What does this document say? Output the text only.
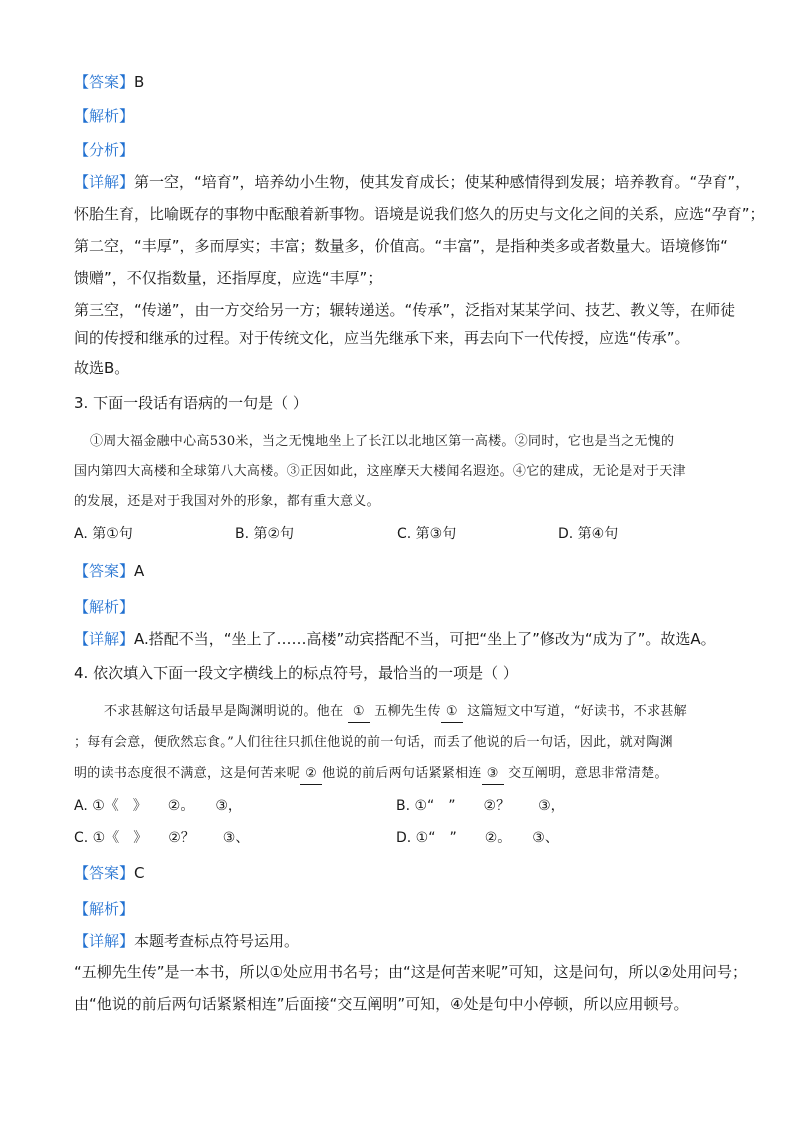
【答案】B
【解析】
【分析】
【详解】第一空，“培育”，培养幼小生物，使其发育成长；使某种感情得到发展；培养教育。“孕育”，
怀胎生育，比喻既存的事物中酝酿着新事物。语境是说我们悠久的历史与文化之间的关系，应选“孕育”；
第二空，“丰厚”，多而厚实；丰富；数量多，价值高。“丰富”，是指种类多或者数量大。语境修饰“
馈赠”，不仅指数量，还指厚度，应选“丰厚”；
第三空，“传递”，由一方交给另一方；辗转递送。“传承”，泛指对某某学问、技艺、教义等，在师徒
间的传授和继承的过程。对于传统文化，应当先继承下来，再去向下一代传授，应选“传承”。
故选B。
3. 下面一段话有语病的一句是（ ）
①周大福金融中心高530米，当之无愧地坐上了长江以北地区第一高楼。②同时，它也是当之无愧的
国内第四大高楼和全球第八大高楼。③正因如此，这座摩天大楼闻名遐迩。④它的建成，无论是对于天津
的发展，还是对于我国对外的形象，都有重大意义。
A. 第①句	B. 第②句	C. 第③句	D. 第④句
【答案】A
【解析】
【详解】A.搭配不当，“坐上了……高楼”动宾搭配不当，可把“坐上了”修改为“成为了”。故选A。
4. 依次填入下面一段文字横线上的标点符号，最恰当的一项是（ ）
不求甚解这句话最早是陶渊明说的。他在 ① 五柳先生传 ① 这篇短文中写道，“好读书，不求甚解
；每有会意，便欣然忘食。”人们往往只抓住他说的前一句话，而丢了他说的后一句话，因此，就对陶渊
明的读书态度很不满意，这是何苦来呢 ② 他说的前后两句话紧紧相连 ③ 交互阐明，意思非常清楚。
A. ①《　》　　②。　　③，	B. ①“　”　　②？　　③，
C. ①《　》　　②？　　③、	D. ①“　”　　②。　　③、
【答案】C
【解析】
【详解】本题考查标点符号运用。
“五柳先生传”是一本书，所以①处应用书名号；由“这是何苦来呢”可知，这是问句，所以②处用问号；
由“他说的前后两句话紧紧相连”后面接“交互阐明”可知，④处是句中小停顿，所以应用顿号。
